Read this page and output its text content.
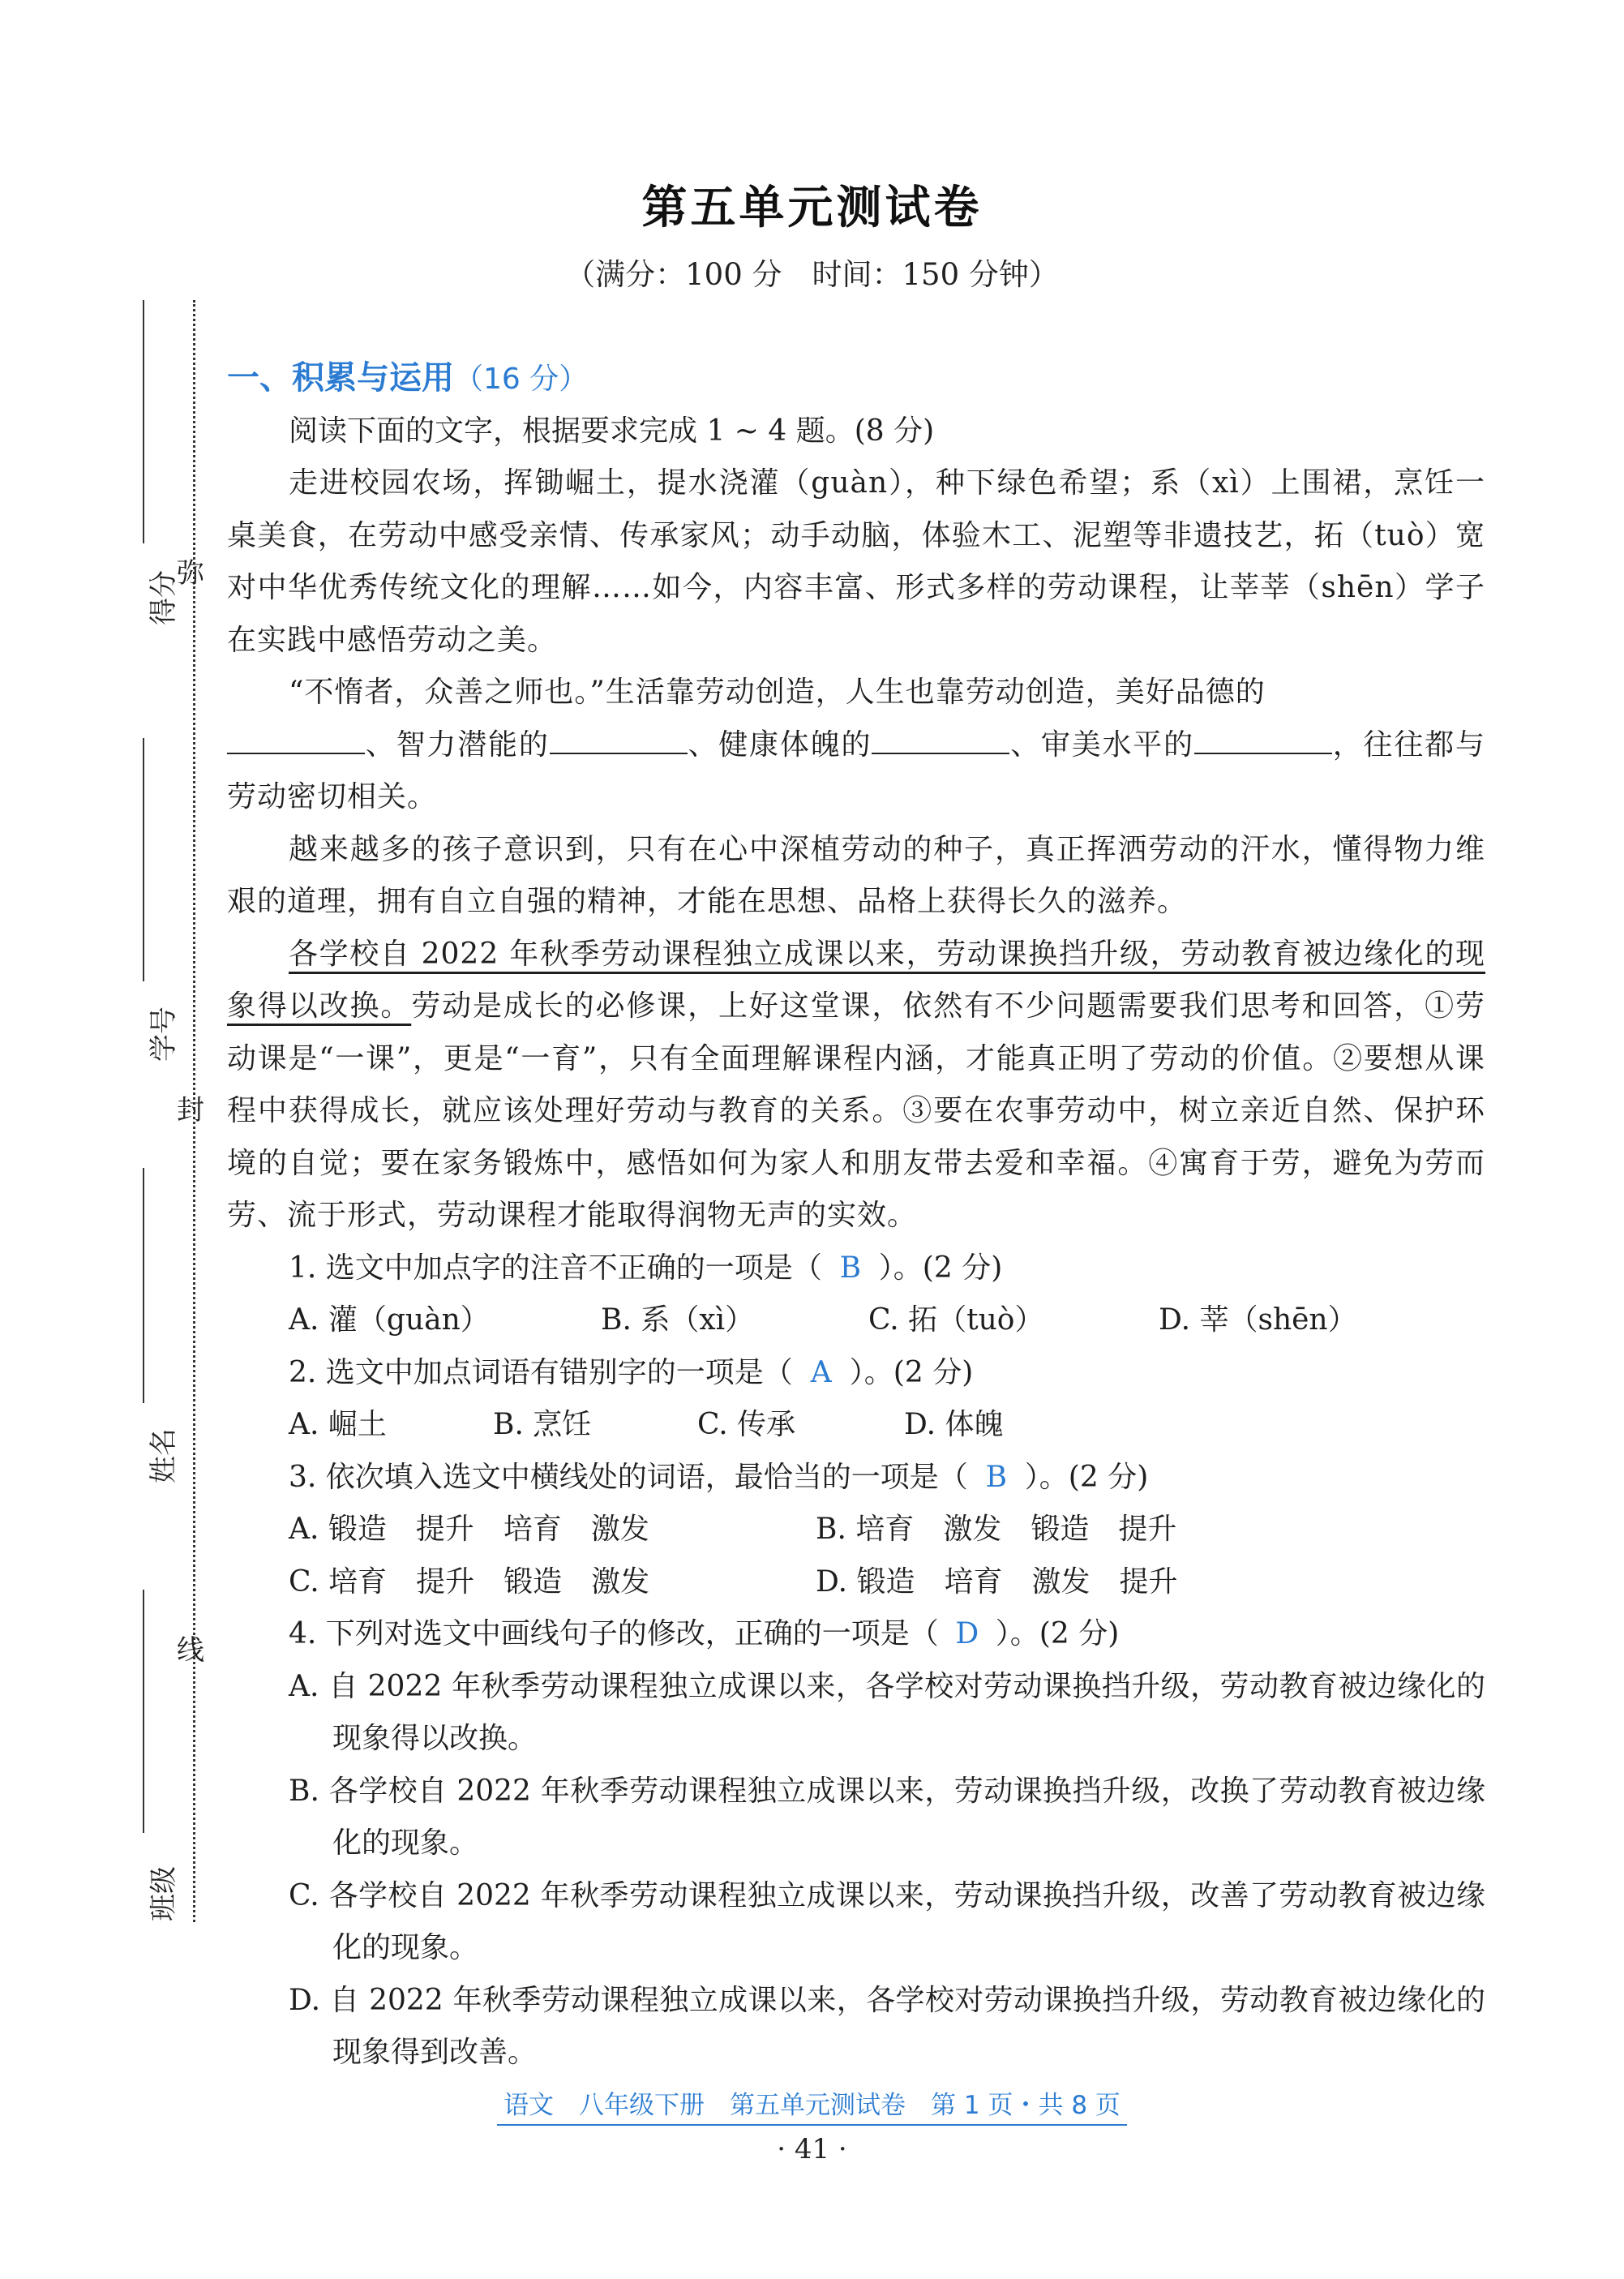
得分
弥
学号
封
姓名
线
班级
第五单元测试卷
（满分：100 分　时间：150 分钟）
一、积累与运用（16 分）

阅读下面的文字，根据要求完成 1 ~ 4 题。(8 分)

走进校园农场，挥锄崛土，提水浇灌（guàn），种下绿色希望；系（xì）上围裙，烹饪一桌美食，在劳动中感受亲情、传承家风；动手动脑，体验木工、泥塑等非遗技艺，拓（tuò）宽对中华优秀传统文化的理解……如今，内容丰富、形式多样的劳动课程，让莘莘（shēn）学子在实践中感悟劳动之美。

“不惰者，众善之师也。”生活靠劳动创造，人生也靠劳动创造，美好品德的
、智力潜能的	、健康体魄的	、审美水平的	，往往都与劳动密切相关。

越来越多的孩子意识到，只有在心中深植劳动的种子，真正挥洒劳动的汗水，懂得物力维艰的道理，拥有自立自强的精神，才能在思想、品格上获得长久的滋养。

各学校自 2022 年秋季劳动课程独立成课以来，劳动课换挡升级，劳动教育被边缘化的现象得以改换。劳动是成长的必修课，上好这堂课，依然有不少问题需要我们思考和回答，①劳动课是“一课”，更是“一育”，只有全面理解课程内涵，才能真正明了劳动的价值。②要想从课程中获得成长，就应该处理好劳动与教育的关系。③要在农事劳动中，树立亲近自然、保护环境的自觉；要在家务锻炼中，感悟如何为家人和朋友带去爱和幸福。④寓育于劳，避免为劳而劳、流于形式，劳动课程才能取得润物无声的实效。

1. 选文中加点字的注音不正确的一项是（ B ）。(2 分)

A. 灌（guàn）	B. 系（xì）	C. 拓（tuò）	D. 莘（shēn）

2. 选文中加点词语有错别字的一项是（ A ）。(2 分)

A. 崛土	B. 烹饪	C. 传承	D. 体魄

3. 依次填入选文中横线处的词语，最恰当的一项是（ B ）。(2 分)

A. 锻造　提升　培育　激发	B. 培育　激发　锻造　提升
C. 培育　提升　锻造　激发	D. 锻造　培育　激发　提升

4. 下列对选文中画线句子的修改，正确的一项是（ D ）。(2 分)

A. 自 2022 年秋季劳动课程独立成课以来，各学校对劳动课换挡升级，劳动教育被边缘化的现象得以改换。

B. 各学校自 2022 年秋季劳动课程独立成课以来，劳动课换挡升级，改换了劳动教育被边缘化的现象。

C. 各学校自 2022 年秋季劳动课程独立成课以来，劳动课换挡升级，改善了劳动教育被边缘化的现象。

D. 自 2022 年秋季劳动课程独立成课以来，各学校对劳动课换挡升级，劳动教育被边缘化的现象得到改善。

语文　八年级下册　第五单元测试卷　第 1 页・共 8 页
· 41 ·
